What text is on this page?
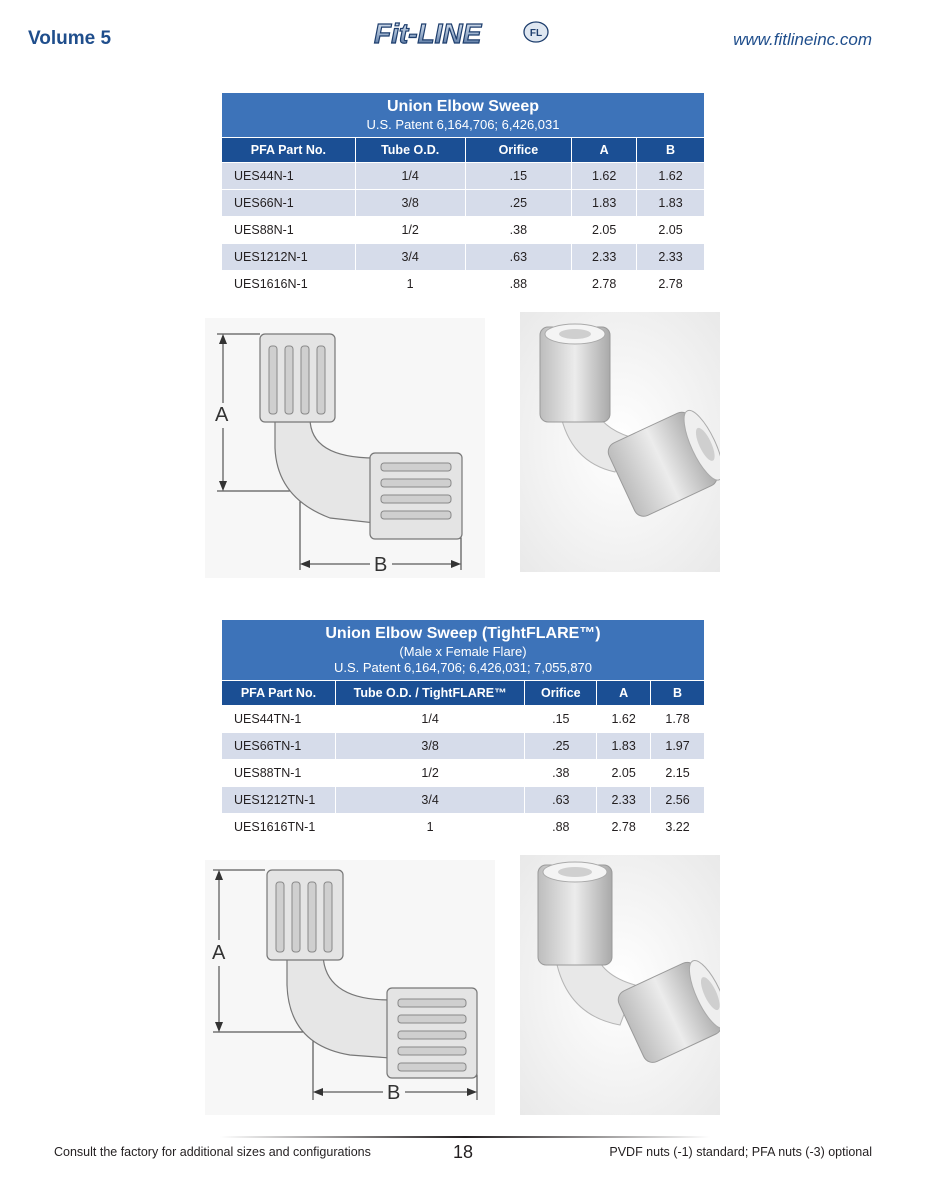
Volume 5	Fit-LINE	FL	www.fitlineinc.com
Union Elbow Sweep
U.S. Patent 6,164,706; 6,426,031				

PFA Part No.	Tube O.D.	Orifice	A	B
UES44N-1	1/4	.15	1.62	1.62
UES66N-1	3/8	.25	1.83	1.83
UES88N-1	1/2	.38	2.05	2.05
UES1212N-1	3/4	.63	2.33	2.33
UES1616N-1	1	.88	2.78	2.78
A
B
Union Elbow Sweep (TightFLARE™)
(Male x Female Flare)
U.S. Patent 6,164,706; 6,426,031; 7,055,870				

PFA Part No.	Tube O.D. / TightFLARE™	Orifice	A	B
UES44TN-1	1/4	.15	1.62	1.78
UES66TN-1	3/8	.25	1.83	1.97
UES88TN-1	1/2	.38	2.05	2.15
UES1212TN-1	3/4	.63	2.33	2.56
UES1616TN-1	1	.88	2.78	3.22
A
B
Consult the factory for additional sizes and configurations	18	PVDF nuts (-1) standard; PFA nuts (-3) optional
